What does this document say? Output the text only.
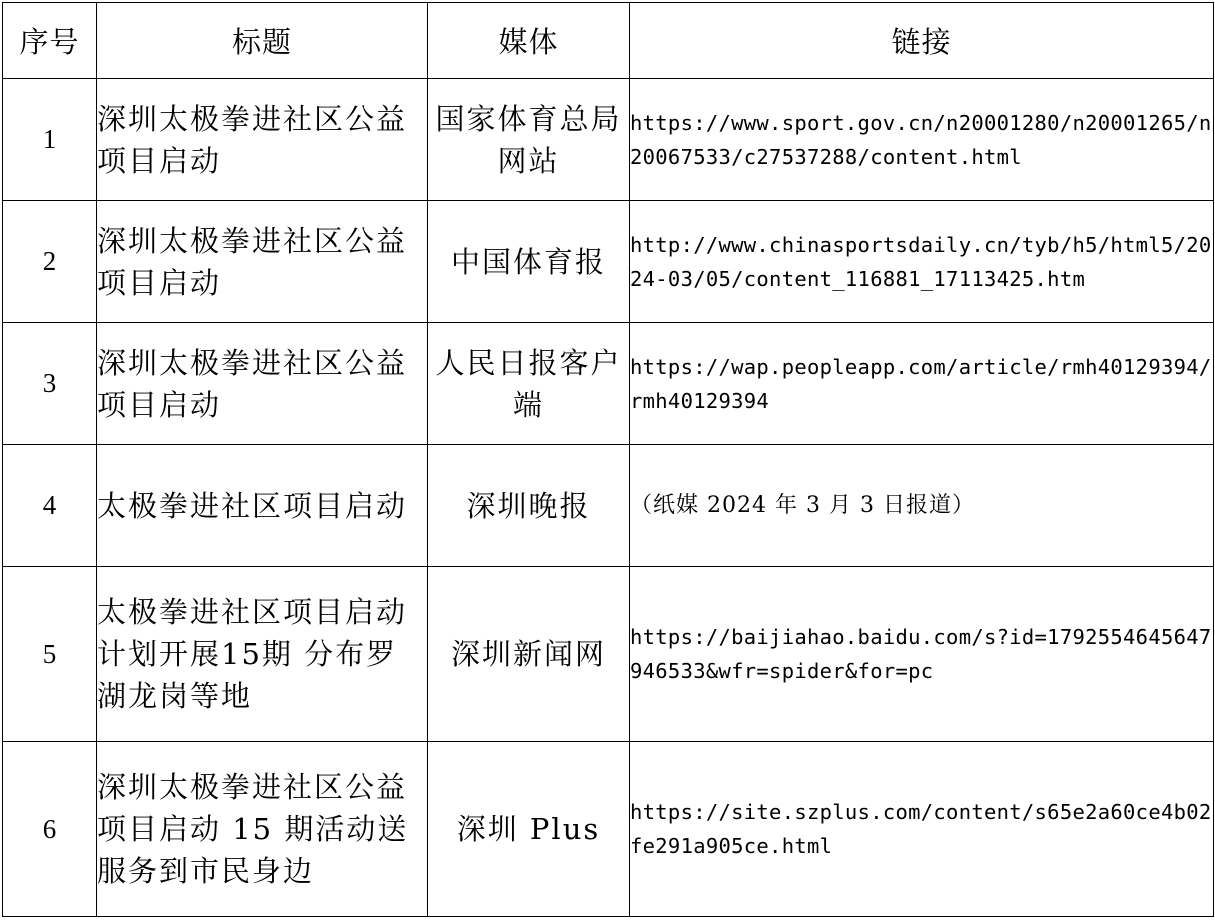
序号	标题	媒体	链接
1	深圳太极拳进社区公益项目启动	国家体育总局网站	https://www.sport.gov.cn/n20001280/n20001265/n20067533/c27537288/content.html
2	深圳太极拳进社区公益项目启动	中国体育报	http://www.chinasportsdaily.cn/tyb/h5/html5/2024-03/05/content_116881_17113425.htm
3	深圳太极拳进社区公益项目启动	人民日报客户端	https://wap.peopleapp.com/article/rmh40129394/rmh40129394
4	太极拳进社区项目启动	深圳晚报	（纸媒 2024 年 3 月 3 日报道）
5	太极拳进社区项目启动 计划开展15期 分布罗湖龙岗等地	深圳新闻网	https://baijiahao.baidu.com/s?id=1792554645647946533&wfr=spider&for=pc
6	深圳太极拳进社区公益项目启动 15 期活动送服务到市民身边	深圳 Plus	https://site.szplus.com/content/s65e2a60ce4b02fe291a905ce.html
